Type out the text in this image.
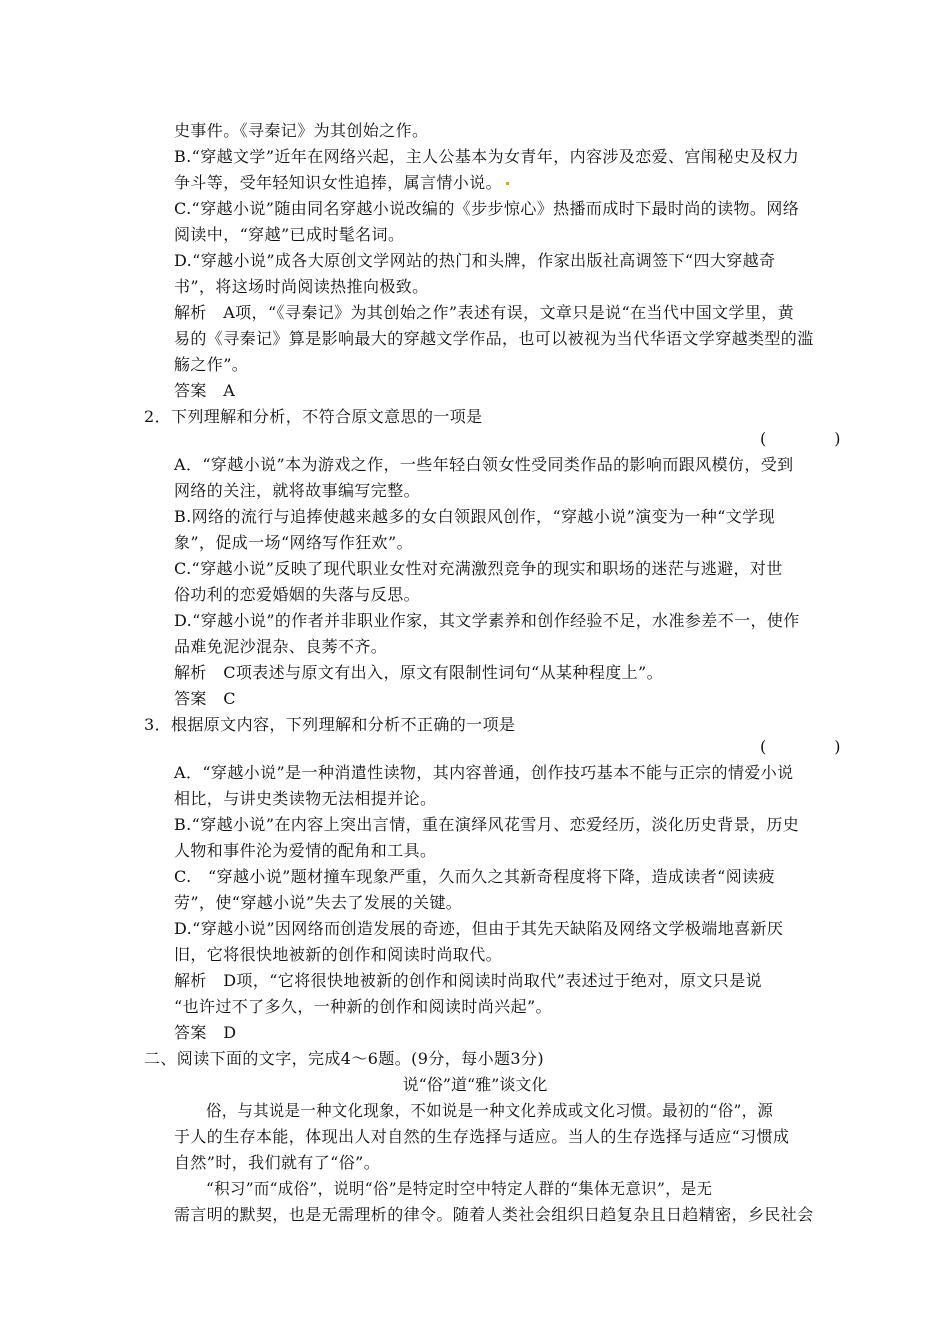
史事件。《寻秦记》为其创始之作。
B.“穿越文学”近年在网络兴起，主人公基本为女青年，内容涉及恋爱、宫闱秘史及权力
争斗等，受年轻知识女性追捧，属言情小说。
C.“穿越小说”随由同名穿越小说改编的《步步惊心》热播而成时下最时尚的读物。网络
阅读中，“穿越”已成时髦名词。
D.“穿越小说”成各大原创文学网站的热门和头牌，作家出版社高调签下“四大穿越奇
书”，将这场时尚阅读热推向极致。
解析　A项，“《寻秦记》为其创始之作”表述有误，文章只是说“在当代中国文学里，黄
易的《寻秦记》算是影响最大的穿越文学作品，也可以被视为当代华语文学穿越类型的滥
觞之作”。
答案　A
2．下列理解和分析，不符合原文意思的一项是
(　　)
A．“穿越小说”本为游戏之作，一些年轻白领女性受同类作品的影响而跟风模仿，受到
网络的关注，就将故事编写完整。
B.网络的流行与追捧使越来越多的女白领跟风创作，“穿越小说”演变为一种“文学现
象”，促成一场“网络写作狂欢”。
C.“穿越小说”反映了现代职业女性对充满激烈竞争的现实和职场的迷茫与逃避，对世
俗功利的恋爱婚姻的失落与反思。
D.“穿越小说”的作者并非职业作家，其文学素养和创作经验不足，水准参差不一，使作
品难免泥沙混杂、良莠不齐。
解析　C项表述与原文有出入，原文有限制性词句“从某种程度上”。
答案　C
3．根据原文内容，下列理解和分析不正确的一项是
(　　)
A．“穿越小说”是一种消遣性读物，其内容普通，创作技巧基本不能与正宗的情爱小说
相比，与讲史类读物无法相提并论。
B.“穿越小说”在内容上突出言情，重在演绎风花雪月、恋爱经历，淡化历史背景，历史
人物和事件沦为爱情的配角和工具。
C.　“穿越小说”题材撞车现象严重，久而久之其新奇程度将下降，造成读者“阅读疲
劳”，使“穿越小说”失去了发展的关键。
D.“穿越小说”因网络而创造发展的奇迹，但由于其先天缺陷及网络文学极端地喜新厌
旧，它将很快地被新的创作和阅读时尚取代。
解析　D项，“它将很快地被新的创作和阅读时尚取代”表述过于绝对，原文只是说
“也许过不了多久，一种新的创作和阅读时尚兴起”。
答案　D
二、阅读下面的文字，完成4～6题。(9分，每小题3分)
说“俗”道“雅”谈文化
俗，与其说是一种文化现象，不如说是一种文化养成或文化习惯。最初的“俗”，源
于人的生存本能，体现出人对自然的生存选择与适应。当人的生存选择与适应“习惯成
自然”时，我们就有了“俗”。
“积习”而“成俗”，说明“俗”是特定时空中特定人群的“集体无意识”，是无
需言明的默契，也是无需理析的律令。随着人类社会组织日趋复杂且日趋精密，乡民社会
